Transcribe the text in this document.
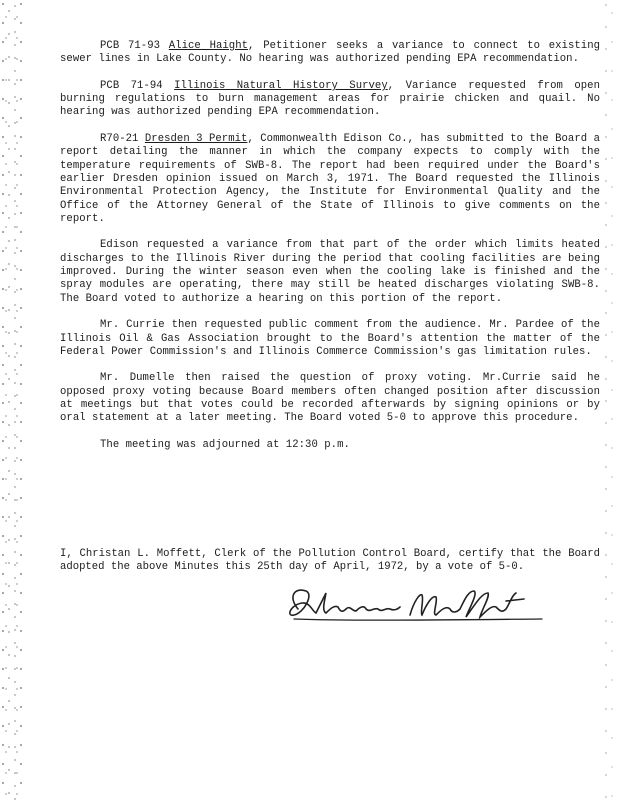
PCB 71-93 Alice Haight, Petitioner seeks a variance to connect to existing sewer lines in Lake County. No hearing was authorized pending EPA recommendation.

PCB 71-94 Illinois Natural History Survey, Variance requested from open burning regulations to burn management areas for prairie chicken and quail. No hearing was authorized pending EPA recommendation.

R70-21 Dresden 3 Permit, Commonwealth Edison Co., has submitted to the Board a report detailing the manner in which the company expects to comply with the temperature requirements of SWB-8. The report had been required under the Board's earlier Dresden opinion issued on March 3, 1971. The Board requested the Illinois Environmental Protection Agency, the Institute for Environmental Quality and the Office of the Attorney General of the State of Illinois to give comments on the report.

Edison requested a variance from that part of the order which limits heated discharges to the Illinois River during the period that cooling facilities are being improved. During the winter season even when the cooling lake is finished and the spray modules are operating, there may still be heated discharges violating SWB-8. The Board voted to authorize a hearing on this portion of the report.

Mr. Currie then requested public comment from the audience. Mr. Pardee of the Illinois Oil & Gas Association brought to the Board's attention the matter of the Federal Power Commission's and Illinois Commerce Commission's gas limitation rules.

Mr. Dumelle then raised the question of proxy voting. Mr.Currie said he opposed proxy voting because Board members often changed position after discussion at meetings but that votes could be recorded afterwards by signing opinions or by oral statement at a later meeting. The Board voted 5-0 to approve this procedure.

The meeting was adjourned at 12:30 p.m.

I, Christan L. Moffett, Clerk of the Pollution Control Board, certify that the Board adopted the above Minutes this 25th day of April, 1972, by a vote of 5-0.
